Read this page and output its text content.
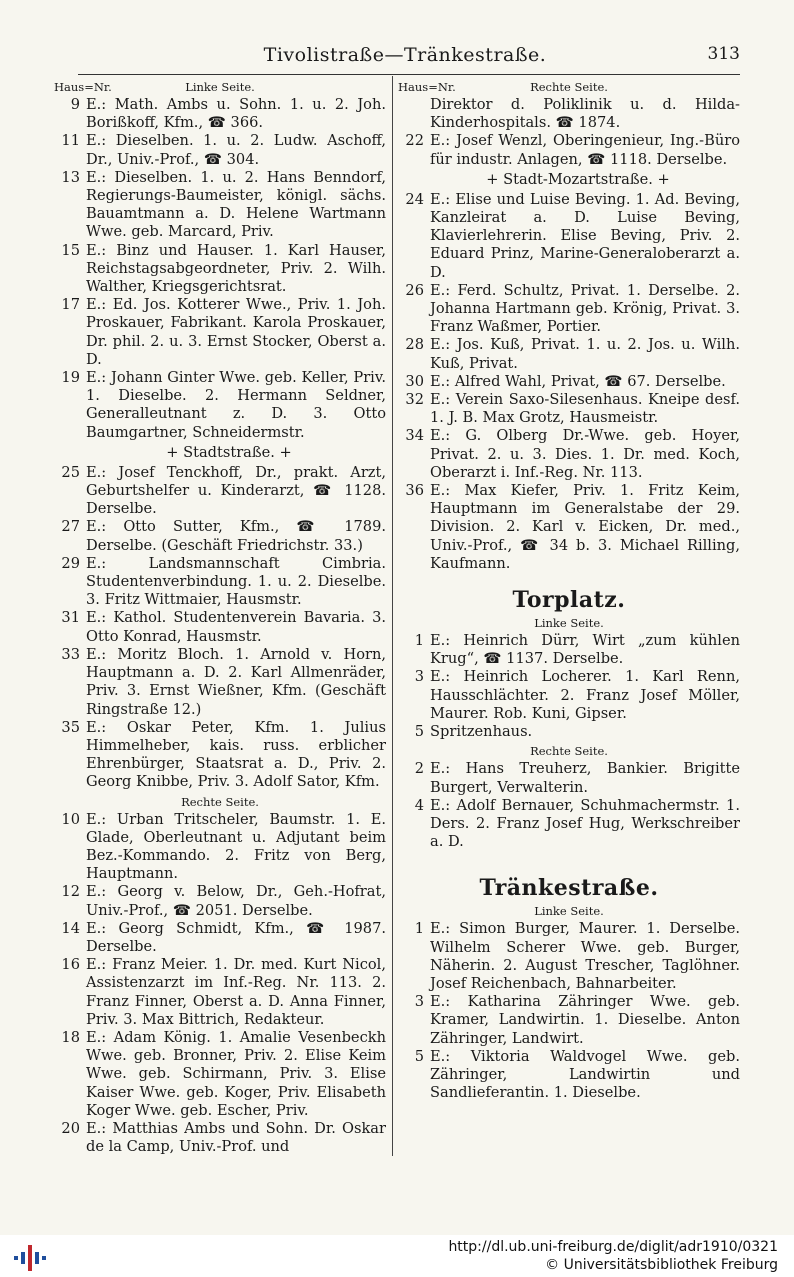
Tivolistraße—Tränkestraße.	313
Haus=Nr.	Linke Seite.
9 E.: Math. Ambs u. Sohn. 1. u. 2. Joh. Borißkoff, Kfm., ☎ 366.
11 E.: Dieselben. 1. u. 2. Ludw. Aschoff, Dr., Univ.-Prof., ☎ 304.
13 E.: Dieselben. 1. u. 2. Hans Benndorf, Regierungs-Baumeister, königl. sächs. Bauamtmann a. D. Helene Wartmann Wwe. geb. Marcard, Priv.
15 E.: Binz und Hauser. 1. Karl Hauser, Reichstagsabgeordneter, Priv. 2. Wilh. Walther, Kriegsgerichtsrat.
17 E.: Ed. Jos. Kotterer Wwe., Priv. 1. Joh. Proskauer, Fabrikant. Karola Proskauer, Dr. phil. 2. u. 3. Ernst Stocker, Oberst a. D.
19 E.: Johann Ginter Wwe. geb. Keller, Priv. 1. Dieselbe. 2. Hermann Seldner, Generalleutnant z. D. 3. Otto Baumgartner, Schneidermstr.
+ Stadtstraße. +
25 E.: Josef Tenckhoff, Dr., prakt. Arzt, Geburtshelfer u. Kinderarzt, ☎ 1128. Derselbe.
27 E.: Otto Sutter, Kfm., ☎ 1789. Derselbe. (Geschäft Friedrichstr. 33.)
29 E.: Landsmannschaft Cimbria. Studentenverbindung. 1. u. 2. Dieselbe. 3. Fritz Wittmaier, Hausmstr.
31 E.: Kathol. Studentenverein Bavaria. 3. Otto Konrad, Hausmstr.
33 E.: Moritz Bloch. 1. Arnold v. Horn, Hauptmann a. D. 2. Karl Allmenräder, Priv. 3. Ernst Wießner, Kfm. (Geschäft Ringstraße 12.)
35 E.: Oskar Peter, Kfm. 1. Julius Himmelheber, kais. russ. erblicher Ehrenbürger, Staatsrat a. D., Priv. 2. Georg Knibbe, Priv. 3. Adolf Sator, Kfm.
Rechte Seite.
10 E.: Urban Tritscheler, Baumstr. 1. E. Glade, Oberleutnant u. Adjutant beim Bez.-Kommando. 2. Fritz von Berg, Hauptmann.
12 E.: Georg v. Below, Dr., Geh.-Hofrat, Univ.-Prof., ☎ 2051. Derselbe.
14 E.: Georg Schmidt, Kfm., ☎ 1987. Derselbe.
16 E.: Franz Meier. 1. Dr. med. Kurt Nicol, Assistenzarzt im Inf.-Reg. Nr. 113. 2. Franz Finner, Oberst a. D. Anna Finner, Priv. 3. Max Bittrich, Redakteur.
18 E.: Adam König. 1. Amalie Vesenbeckh Wwe. geb. Bronner, Priv. 2. Elise Keim Wwe. geb. Schirmann, Priv. 3. Elise Kaiser Wwe. geb. Koger, Priv. Elisabeth Koger Wwe. geb. Escher, Priv.
20 E.: Matthias Ambs und Sohn. Dr. Oskar de la Camp, Univ.-Prof. und
Haus=Nr.	Rechte Seite.
Direktor d. Poliklinik u. d. Hilda-Kinderhospitals. ☎ 1874.
22 E.: Josef Wenzl, Oberingenieur, Ing.-Büro für industr. Anlagen, ☎ 1118. Derselbe.
+ Stadt-Mozartstraße. +
24 E.: Elise und Luise Beving. 1. Ad. Beving, Kanzleirat a. D. Luise Beving, Klavierlehrerin. Elise Beving, Priv. 2. Eduard Prinz, Marine-Generaloberarzt a. D.
26 E.: Ferd. Schultz, Privat. 1. Derselbe. 2. Johanna Hartmann geb. Krönig, Privat. 3. Franz Waßmer, Portier.
28 E.: Jos. Kuß, Privat. 1. u. 2. Jos. u. Wilh. Kuß, Privat.
30 E.: Alfred Wahl, Privat, ☎ 67. Derselbe.
32 E.: Verein Saxo-Silesenhaus. Kneipe desf. 1. J. B. Max Grotz, Hausmeistr.
34 E.: G. Olberg Dr.-Wwe. geb. Hoyer, Privat. 2. u. 3. Dies. 1. Dr. med. Koch, Oberarzt i. Inf.-Reg. Nr. 113.
36 E.: Max Kiefer, Priv. 1. Fritz Keim, Hauptmann im Generalstabe der 29. Division. 2. Karl v. Eicken, Dr. med., Univ.-Prof., ☎ 34 b. 3. Michael Rilling, Kaufmann.
Torplatz.
Linke Seite.
1 E.: Heinrich Dürr, Wirt „zum kühlen Krug“, ☎ 1137. Derselbe.
3 E.: Heinrich Locherer. 1. Karl Renn, Hausschlächter. 2. Franz Josef Möller, Maurer. Rob. Kuni, Gipser.
5 Spritzenhaus.
Rechte Seite.
2 E.: Hans Treuherz, Bankier. Brigitte Burgert, Verwalterin.
4 E.: Adolf Bernauer, Schuhmachermstr. 1. Ders. 2. Franz Josef Hug, Werkschreiber a. D.
Tränkestraße.
Linke Seite.
1 E.: Simon Burger, Maurer. 1. Derselbe. Wilhelm Scherer Wwe. geb. Burger, Näherin. 2. August Trescher, Taglöhner. Josef Reichenbach, Bahnarbeiter.
3 E.: Katharina Zähringer Wwe. geb. Kramer, Landwirtin. 1. Dieselbe. Anton Zähringer, Landwirt.
5 E.: Viktoria Waldvogel Wwe. geb. Zähringer, Landwirtin und Sandlieferantin. 1. Dieselbe.
http://dl.ub.uni-freiburg.de/diglit/adr1910/0321
© Universitätsbibliothek Freiburg
